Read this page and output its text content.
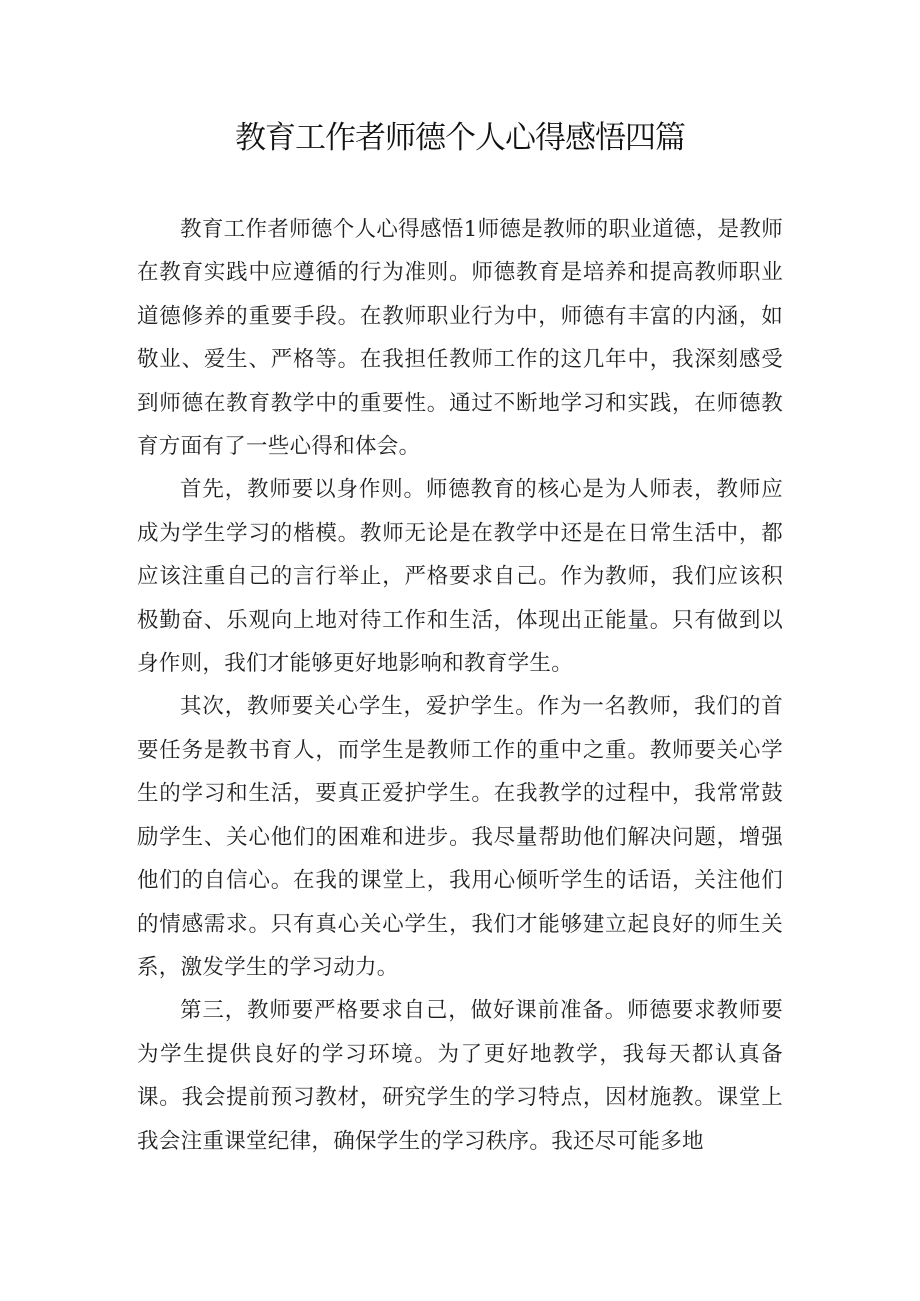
教育工作者师德个人心得感悟四篇

教育工作者师德个人心得感悟1师德是教师的职业道德，是教师在教育实践中应遵循的行为准则。师德教育是培养和提高教师职业道德修养的重要手段。在教师职业行为中，师德有丰富的内涵，如敬业、爱生、严格等。在我担任教师工作的这几年中，我深刻感受到师德在教育教学中的重要性。通过不断地学习和实践，在师德教育方面有了一些心得和体会。

首先，教师要以身作则。师德教育的核心是为人师表，教师应成为学生学习的楷模。教师无论是在教学中还是在日常生活中，都应该注重自己的言行举止，严格要求自己。作为教师，我们应该积极勤奋、乐观向上地对待工作和生活，体现出正能量。只有做到以身作则，我们才能够更好地影响和教育学生。

其次，教师要关心学生，爱护学生。作为一名教师，我们的首要任务是教书育人，而学生是教师工作的重中之重。教师要关心学生的学习和生活，要真正爱护学生。在我教学的过程中，我常常鼓励学生、关心他们的困难和进步。我尽量帮助他们解决问题，增强他们的自信心。在我的课堂上，我用心倾听学生的话语，关注他们的情感需求。只有真心关心学生，我们才能够建立起良好的师生关系，激发学生的学习动力。

第三，教师要严格要求自己，做好课前准备。师德要求教师要为学生提供良好的学习环境。为了更好地教学，我每天都认真备课。我会提前预习教材，研究学生的学习特点，因材施教。课堂上我会注重课堂纪律，确保学生的学习秩序。我还尽可能多地
